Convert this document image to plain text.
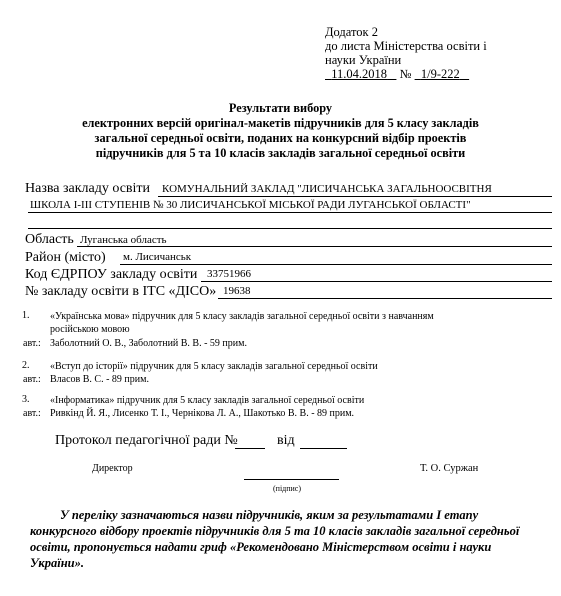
Додаток 2
до листа Міністерства освіти і
науки України
11.04.2018 № 1/9-222
Результати вибору
електронних версій оригінал-макетів підручників для 5 класу закладів
загальної середньої освіти, поданих на конкурсний відбір проектів
підручників для 5 та 10 класів закладів загальної середньої освіти
Назва закладу освіти КОМУНАЛЬНИЙ ЗАКЛАД "ЛИСИЧАНСЬКА ЗАГАЛЬНООСВІТНЯ
ШКОЛА І-ІІІ СТУПЕНІВ № 30 ЛИСИЧАНСЬКОЇ МІСЬКОЇ РАДИ ЛУГАНСЬКОЇ ОБЛАСТІ"
Область Луганська область
Район (місто) м. Лисичанськ
Код ЄДРПОУ закладу освіти 33751966
№ закладу освіти в ІТС «ДІСО» 19638
1. «Українська мова» підручник для 5 класу закладів загальної середньої освіти з навчанням
російською мовою
авт.: Заболотний О. В., Заболотний В. В. - 59 прим.
2. «Вступ до історії» підручник для 5 класу закладів загальної середньої освіти
авт.: Власов В. С. - 89 прим.
3. «Інформатика» підручник для 5 класу закладів загальної середньої освіти
авт.: Ривкінд Й. Я., Лисенко Т. І., Чернікова Л. А., Шакотько В. В. - 89 прим.
Протокол педагогічної ради №	від
Директор
(підпис)
Т. О. Суржан
У переліку зазначаються назви підручників, яким за результатами І етапу конкурсного відбору проектів підручників для 5 та 10 класів закладів загальної середньої освіти, пропонується надати гриф «Рекомендовано Міністерством освіти і науки України».
